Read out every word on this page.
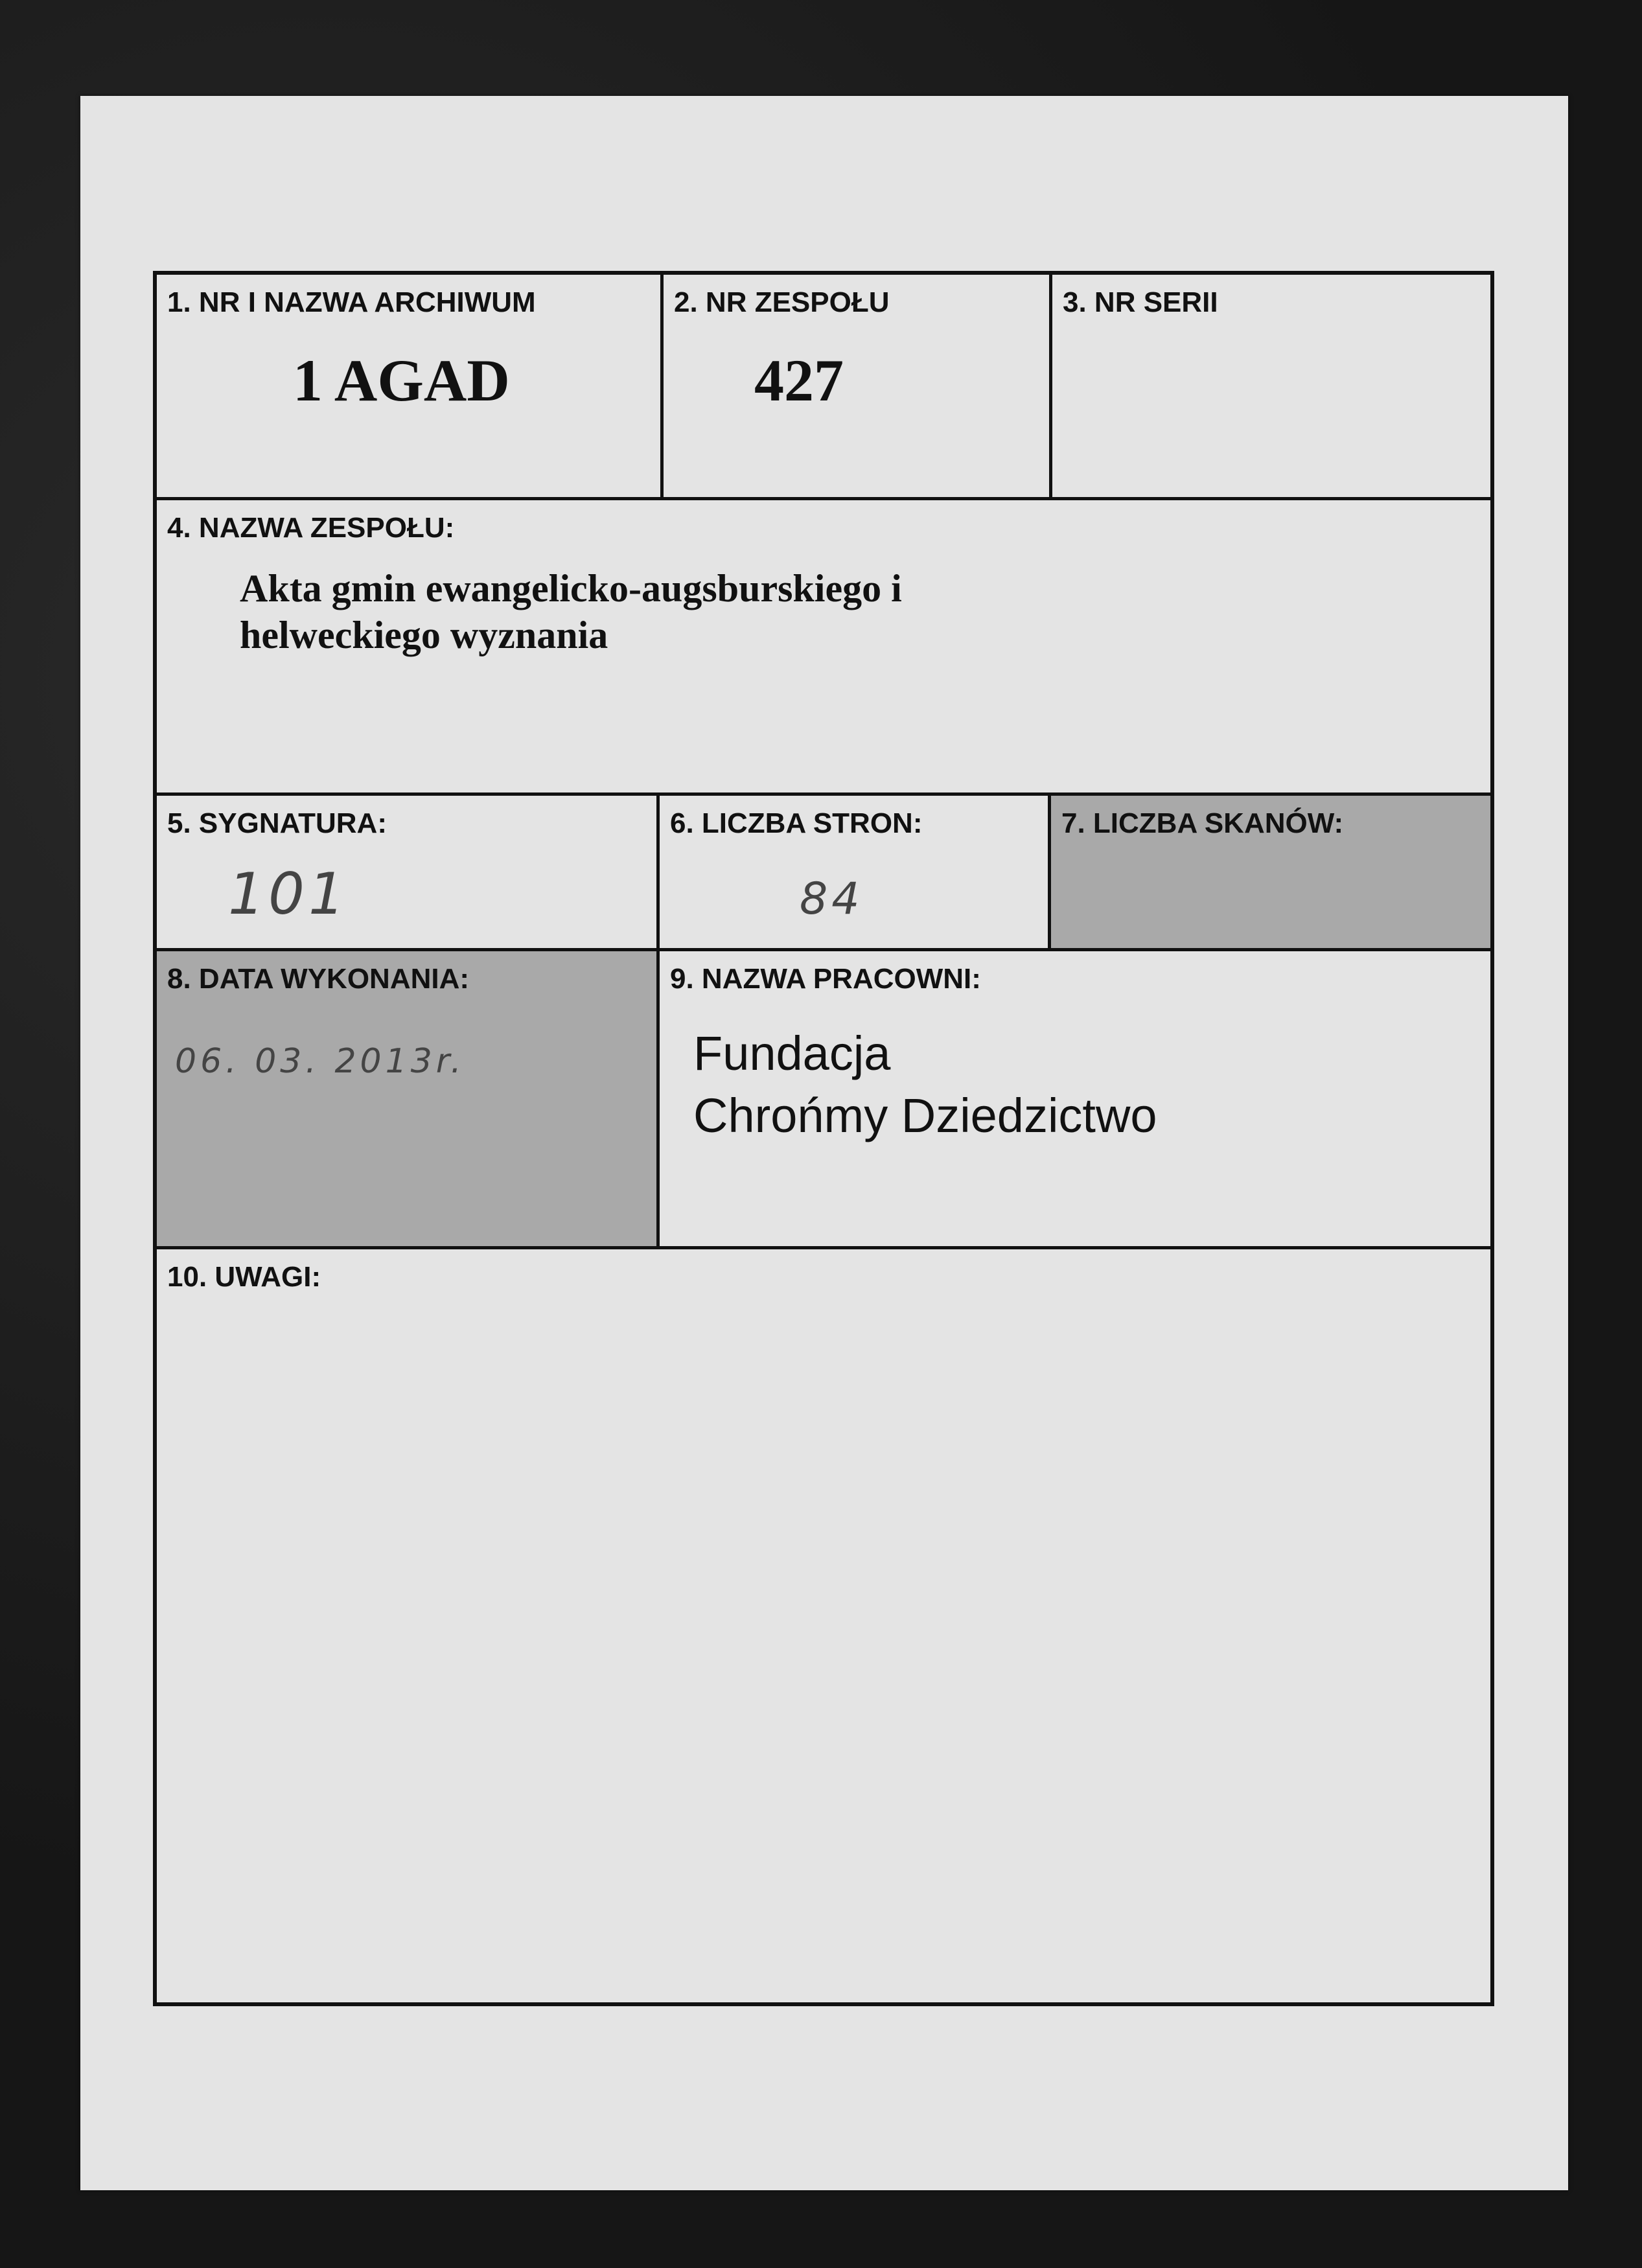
1. NR I NAZWA ARCHIWUM
1 AGAD
2. NR ZESPOŁU
427
3. NR SERII
4. NAZWA ZESPOŁU:
Akta gmin ewangelicko-augsburskiego i
helweckiego wyznania
5. SYGNATURA:
101
6. LICZBA STRON:
84
7. LICZBA SKANÓW:
8. DATA WYKONANIA:
06. 03. 2013r.
9. NAZWA PRACOWNI:
Fundacja
Chrońmy Dziedzictwo
10. UWAGI:
